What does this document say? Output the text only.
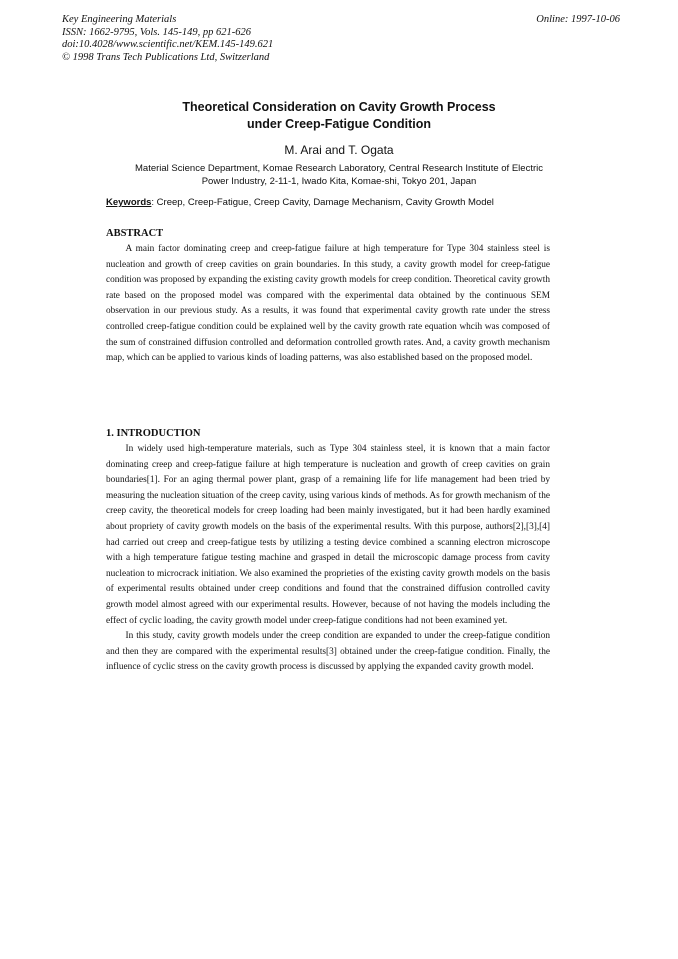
Key Engineering Materials
ISSN: 1662-9795, Vols. 145-149, pp 621-626
doi:10.4028/www.scientific.net/KEM.145-149.621
© 1998 Trans Tech Publications Ltd, Switzerland
Online: 1997-10-06
Theoretical Consideration on Cavity Growth Process
under Creep-Fatigue Condition
M. Arai and T. Ogata
Material Science Department, Komae Research Laboratory, Central Research Institute of Electric
Power Industry, 2-11-1, Iwado Kita, Komae-shi, Tokyo 201, Japan
Keywords: Creep, Creep-Fatigue, Creep Cavity, Damage Mechanism, Cavity Growth Model
ABSTRACT

A main factor dominating creep and creep-fatigue failure at high temperature for Type 304 stainless steel is nucleation and growth of creep cavities on grain boundaries. In this study, a cavity growth model for creep-fatigue condition was proposed by expanding the existing cavity growth models for creep condition. Theoretical cavity growth rate based on the proposed model was compared with the experimental data obtained by the continuous SEM observation in our previous study. As a results, it was found that experimental cavity growth rate under the stress controlled creep-fatigue condition could be explained well by the cavity growth rate equation whcih was composed of the sum of constrained diffusion controlled and deformation controlled growth rates. And, a cavity growth mechanism map, which can be applied to various kinds of loading patterns, was also established based on the proposed model.

1. INTRODUCTION

In widely used high-temperature materials, such as Type 304 stainless steel, it is known that a main factor dominating creep and creep-fatigue failure at high temperature is nucleation and growth of creep cavities on grain boundaries[1]. For an aging thermal power plant, grasp of a remaining life for life management had been tried by measuring the nucleation situation of the creep cavity, using various kinds of methods. As for growth mechanism of the creep cavity, the theoretical models for creep loading had been mainly investigated, but it had been hardly examined about propriety of cavity growth models on the basis of the experimental results. With this purpose, authors[2],[3],[4] had carried out creep and creep-fatigue tests by utilizing a testing device combined a scanning electron microscope with a high temperature fatigue testing machine and grasped in detail the microscopic damage process from cavity nucleation to microcrack initiation. We also examined the proprieties of the existing cavity growth models on the basis of experimental results obtained under creep conditions and found that the constrained diffusion controlled cavity growth model almost agreed with our experimental results. However, because of not having the models including the effect of cyclic loading, the cavity growth model under creep-fatigue conditions had not been examined yet.

In this study, cavity growth models under the creep condition are expanded to under the creep-fatigue condition and then they are compared with the experimental results[3] obtained under the creep-fatigue condition. Finally, the influence of cyclic stress on the cavity growth process is discussed by applying the expanded cavity growth model.
